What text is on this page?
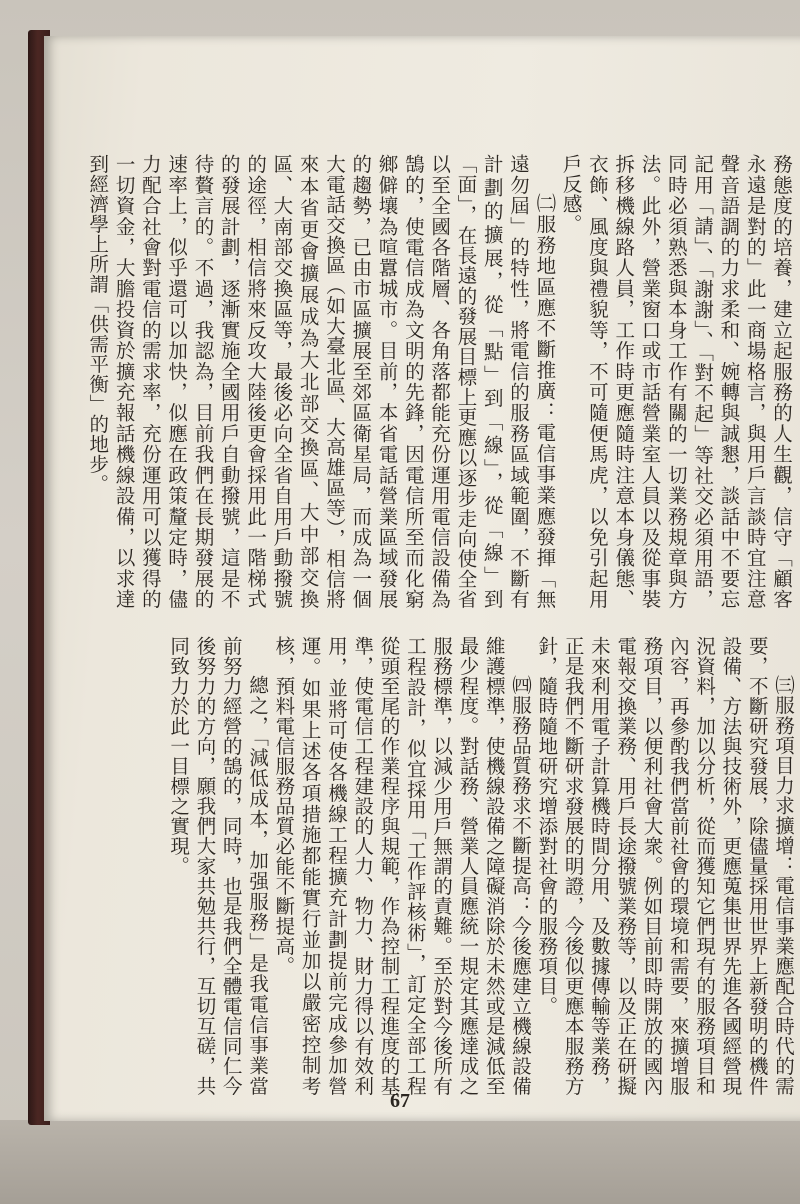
務態度的培養，建立起服務的人生觀，信守「顧客永遠是對的」此一商場格言，與用戶言談時宜注意聲音語調的力求柔和、婉轉與誠懇，談話中不要忘記用「請」、「謝謝」、「對不起」等社交必須用語，同時必須熟悉與本身工作有關的一切業務規章與方法。此外，營業窗口或市話營業室人員以及從事裝拆移機線路人員，工作時更應隨時注意本身儀態、衣飾、風度與禮貌等，不可隨便馬虎，以免引起用戶反感。

㈡服務地區應不斷推廣：電信事業應發揮「無遠勿屆」的特性，將電信的服務區域範圍，不斷有計劃的擴展，從「點」到「線」，從「線」到「面」，在長遠的發展目標上更應以逐步走向使全省以至全國各階層、各角落都能充份運用電信設備為鵠的，使電信成為文明的先鋒，因電信所至而化窮鄉僻壤為喧囂城市。目前，本省電話營業區域發展的趨勢，已由市區擴展至郊區衛星局，而成為一個大電話交換區（如大臺北區、大高雄區等），相信將來本省更會擴展成為大北部交換區、大中部交換區、大南部交換區等，最後必向全省自用戶動撥號的途徑，相信將來反攻大陸後更會採用此一階梯式的發展計劃，逐漸實施全國用戶自動撥號，這是不待贅言的。不過，我認為，目前我們在長期發展的速率上，似乎還可以加快，似應在政策釐定時，儘力配合社會對電信的需求率，充份運用可以獲得的一切資金，大膽投資於擴充報話機線設備，以求達到經濟學上所謂「供需平衡」的地步。

㈢服務項目力求擴增：電信事業應配合時代的需要，不斷研究發展，除儘量採用世界上新發明的機件設備、方法與技術外，更應蒐集世界先進各國經營現況資料，加以分析，從而獲知它們現有的服務項目和內容，再參酌我們當前社會的環境和需要，來擴增服務項目，以便利社會大衆。例如目前即時開放的國內電報交換業務、用戶長途撥號業務等，以及正在研擬未來利用電子計算機時間分用、及數據傳輸等業務，正是我們不斷研求發展的明證，今後似更應本服務方針，隨時隨地研究增添對社會的服務項目。

㈣服務品質務求不斷提高：今後應建立機線設備維護標準，使機線設備之障礙消除於未然或是減低至最少程度。對話務、營業人員應統一規定其應達成之服務標準，以減少用戶無謂的責難。至於對今後所有工程設計，似宜採用「工作評核術」，訂定全部工程從頭至尾的作業程序與規範，作為控制工程進度的基準，使電信工程建設的人力、物力、財力得以有效利用，並將可使各機線工程擴充計劃提前完成參加營運。如果上述各項措施都能實行並加以嚴密控制考核，預料電信服務品質必能不斷提高。

總之，「減低成本，加强服務」是我電信事業當前努力經營的鵠的，同時，也是我們全體電信同仁今後努力的方向，願我們大家共勉共行，互切互磋，共同致力於此一目標之實現。

67
